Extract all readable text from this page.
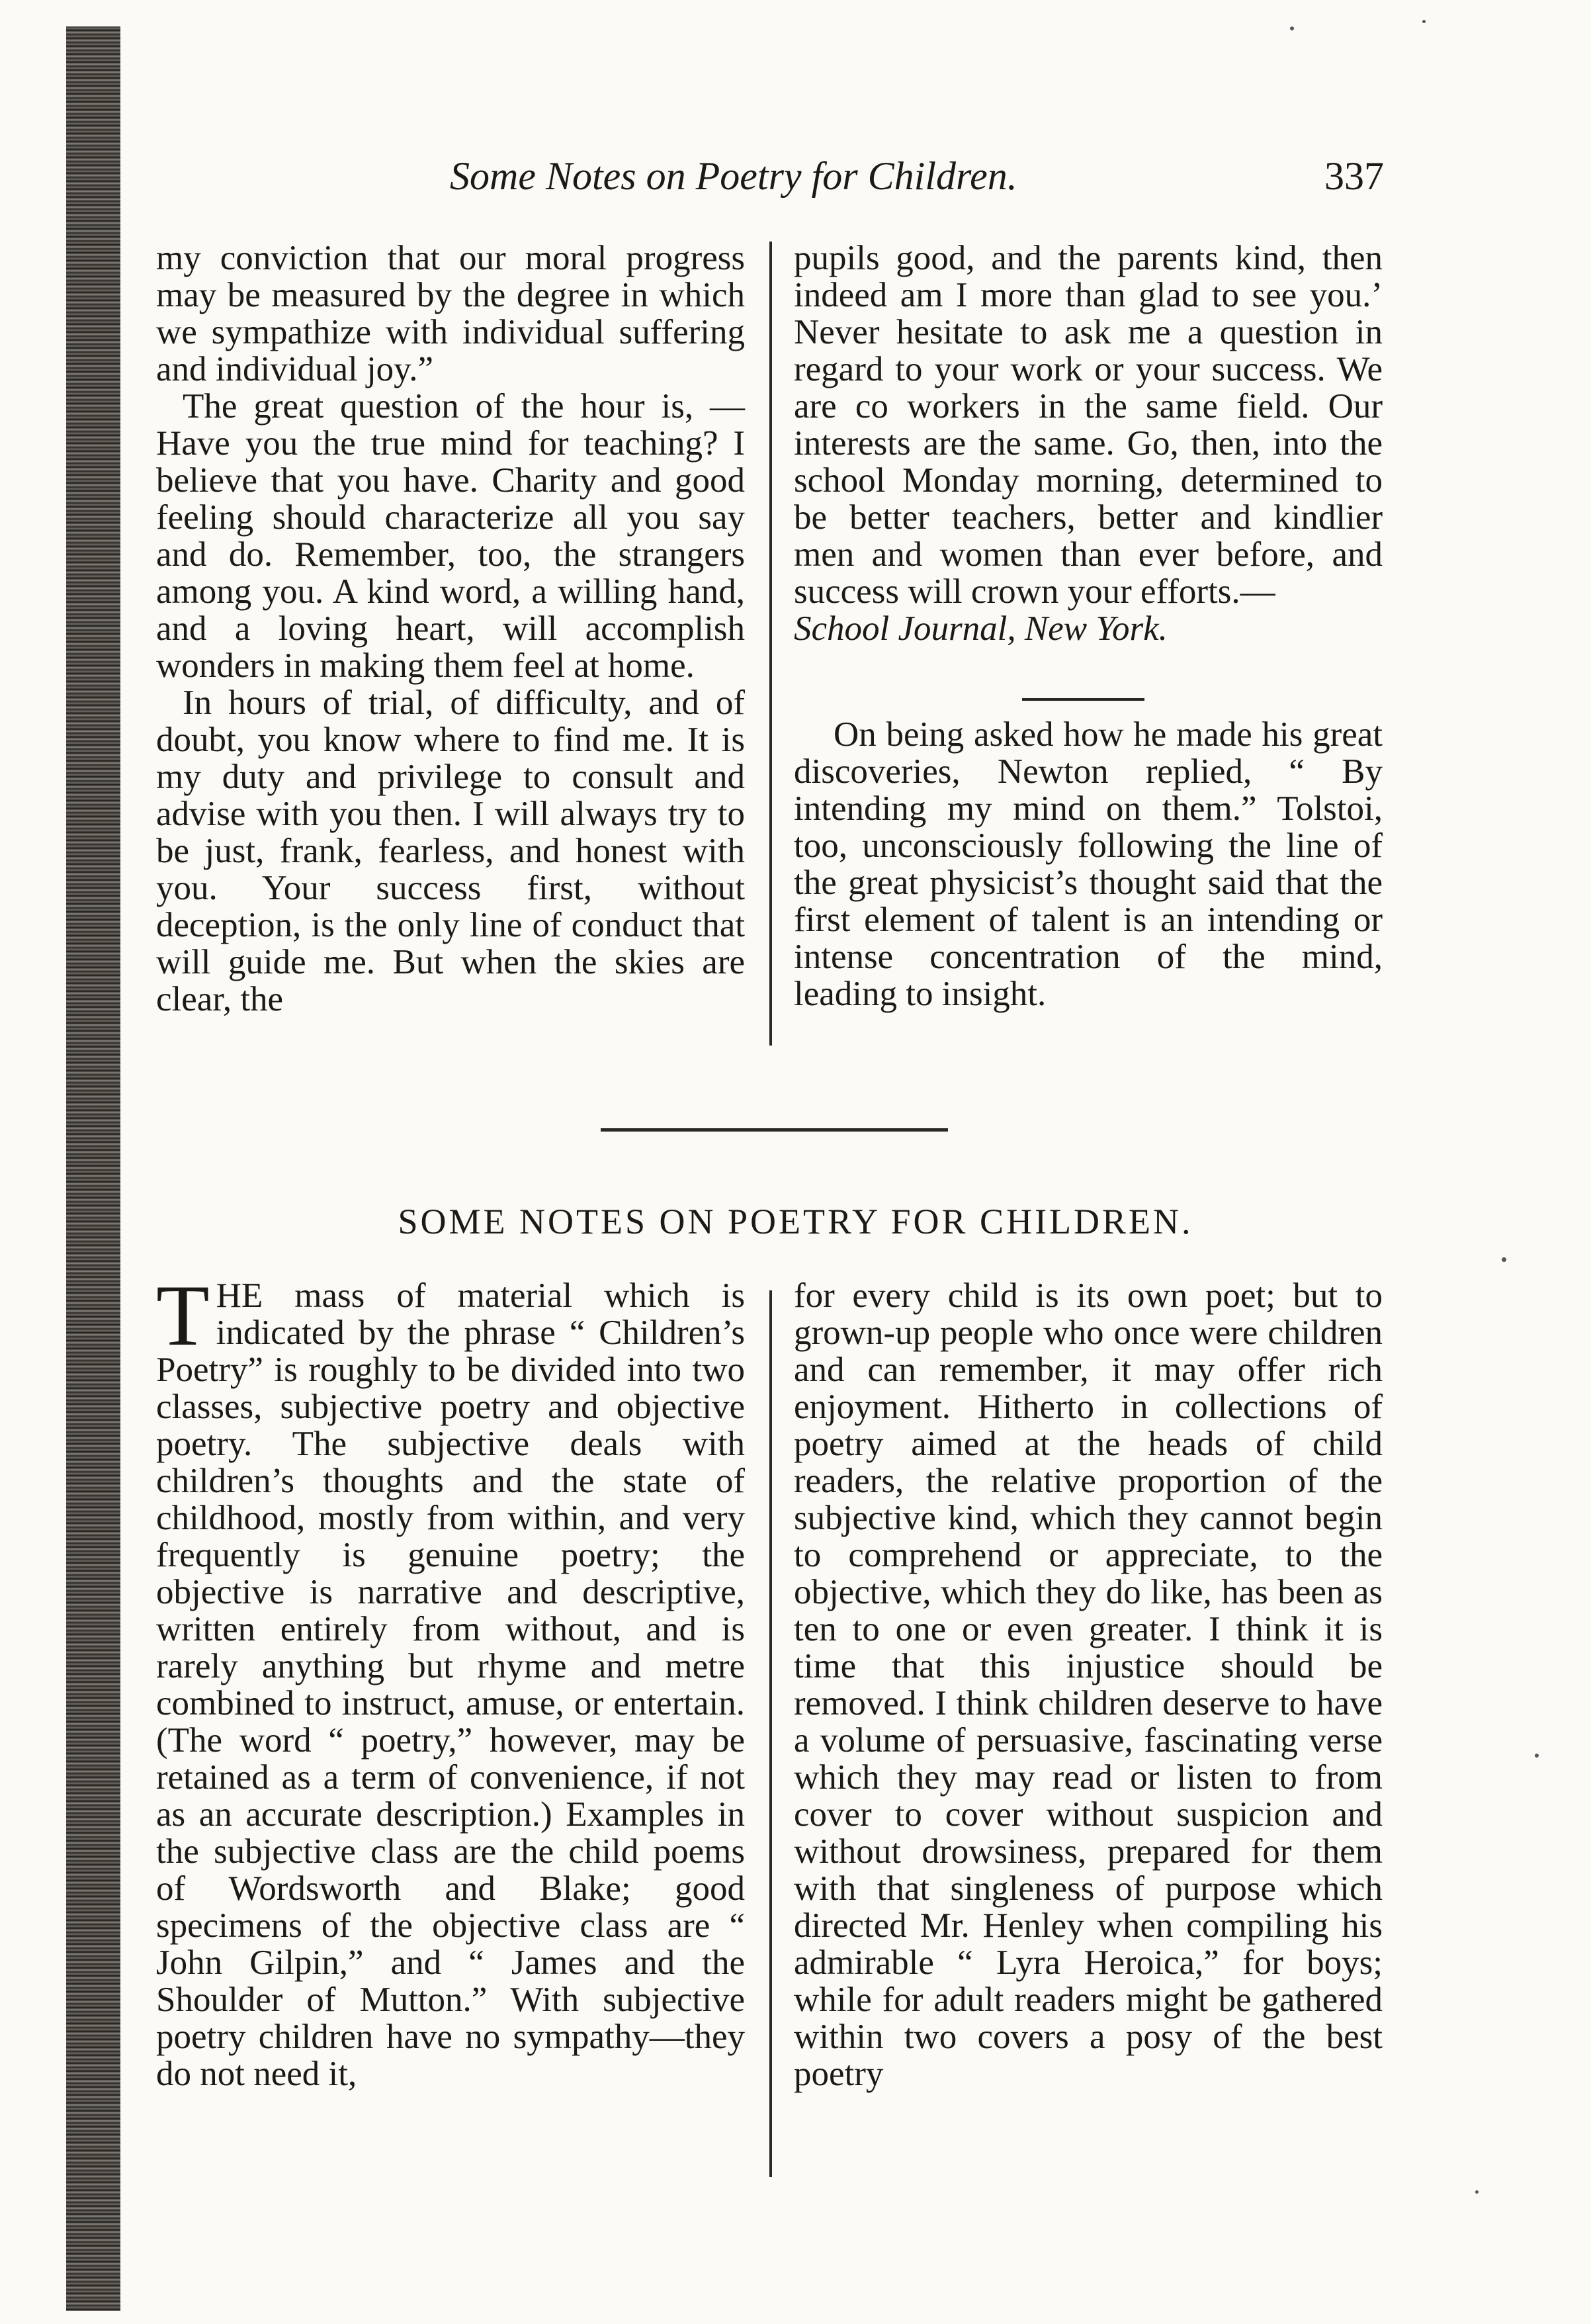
Some Notes on Poetry for Children.	337

my conviction that our moral progress may be measured by the degree in which we sympathize with individual suffering and individual joy.”

The great question of the hour is, —Have you the true mind for teaching? I believe that you have. Charity and good feeling should characterize all you say and do. Remember, too, the strangers among you. A kind word, a willing hand, and a loving heart, will accomplish wonders in making them feel at home.

In hours of trial, of difficulty, and of doubt, you know where to find me. It is my duty and privilege to consult and advise with you then. I will always try to be just, frank, fearless, and honest with you. Your success first, without deception, is the only line of conduct that will guide me. But when the skies are clear, the

pupils good, and the parents kind, then indeed am I more than glad to see you.’ Never hesitate to ask me a question in regard to your work or your success. We are co workers in the same field. Our interests are the same. Go, then, into the school Monday morning, determined to be better teachers, better and kindlier men and women than ever before, and success will crown your efforts.—

School Journal, New York.

On being asked how he made his great discoveries, Newton replied, “ By intending my mind on them.” Tolstoi, too, unconsciously following the line of the great physicist’s thought said that the first element of talent is an intending or intense concentration of the mind, leading to insight.
SOME NOTES ON POETRY FOR CHILDREN.

THE mass of material which is indicated by the phrase “ Children’s Poetry” is roughly to be divided into two classes, subjective poetry and objective poetry. The subjective deals with children’s thoughts and the state of childhood, mostly from within, and very frequently is genuine poetry; the objective is narrative and descriptive, written entirely from without, and is rarely anything but rhyme and metre combined to instruct, amuse, or entertain. (The word “ poetry,” however, may be retained as a term of convenience, if not as an accurate description.) Examples in the subjective class are the child poems of Wordsworth and Blake; good specimens of the objective class are “ John Gilpin,” and “ James and the Shoulder of Mutton.” With subjective poetry children have no sympathy—they do not need it,

for every child is its own poet; but to grown-up people who once were children and can remember, it may offer rich enjoyment. Hitherto in collections of poetry aimed at the heads of child readers, the relative proportion of the subjective kind, which they cannot begin to comprehend or appreciate, to the objective, which they do like, has been as ten to one or even greater. I think it is time that this injustice should be removed. I think children deserve to have a volume of persuasive, fascinating verse which they may read or listen to from cover to cover without suspicion and without drowsiness, prepared for them with that singleness of purpose which directed Mr. Henley when compiling his admirable “ Lyra Heroica,” for boys; while for adult readers might be gathered within two covers a posy of the best poetry
